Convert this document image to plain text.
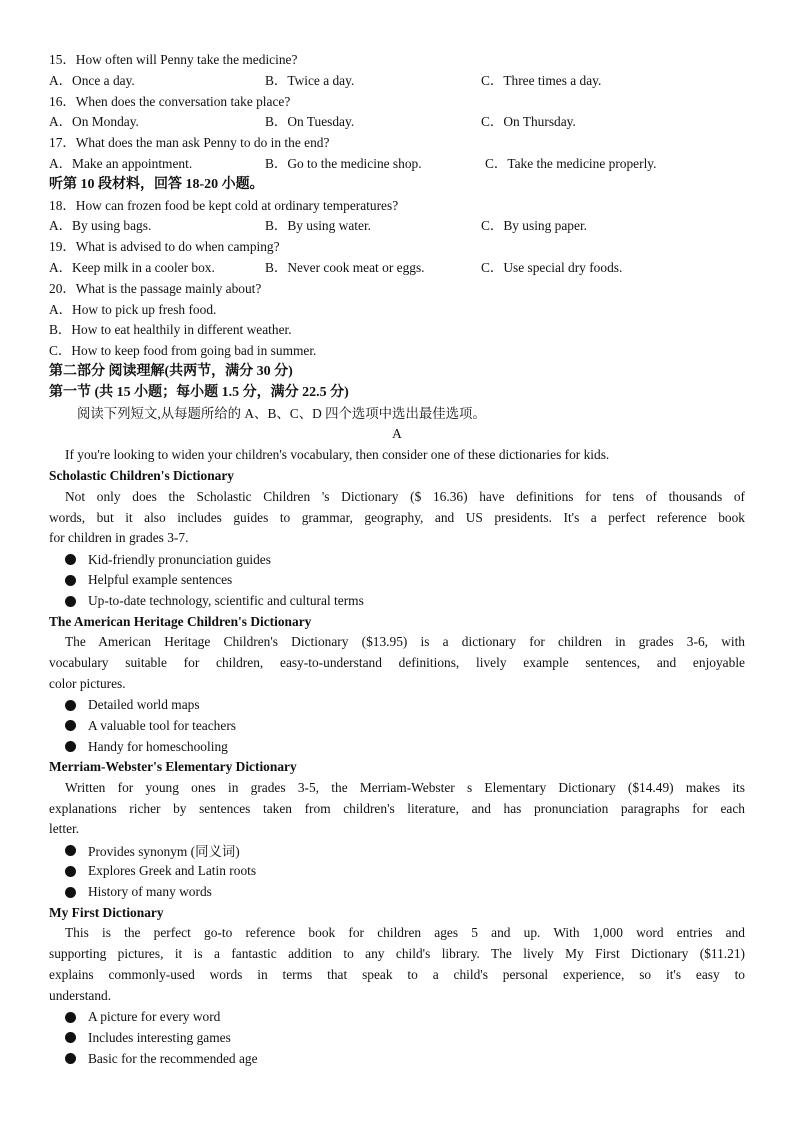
15．How often will Penny take the medicine?
A．Once a day.	B．Twice a day.	C．Three times a day.
16．When does the conversation take place?
A．On Monday.	B．On Tuesday.	C．On Thursday.
17．What does the man ask Penny to do in the end?
A．Make an appointment.	B．Go to the medicine shop.	C．Take the medicine properly.
听第 10 段材料，回答 18-20 小题。
18．How can frozen food be kept cold at ordinary temperatures?
A．By using bags.	B．By using water.	C．By using paper.
19．What is advised to do when camping?
A．Keep milk in a cooler box.	B．Never cook meat or eggs.	C．Use special dry foods.
20．What is the passage mainly about?
A．How to pick up fresh food.
B．How to eat healthily in different weather.
C．How to keep food from going bad in summer.
第二部分 阅读理解(共两节，满分 30 分)
第一节 (共 15 小题；每小题 1.5 分，满分 22.5 分)
阅读下列短文,从每题所给的 A、B、C、D 四个选项中选出最佳选项。
A
If you're looking to widen your children's vocabulary, then consider one of these dictionaries for kids.
Scholastic Children's Dictionary
Not only does the Scholastic Children 's Dictionary ($ 16.36) have definitions for tens of thousands of
words, but it also includes guides to grammar, geography, and US presidents. It's a perfect reference book
for children in grades 3-7.
Kid-friendly pronunciation guides
Helpful example sentences
Up-to-date technology, scientific and cultural terms
The American Heritage Children's Dictionary
The American Heritage Children's Dictionary ($13.95) is a dictionary for children in grades 3-6, with
vocabulary suitable for children, easy-to-understand definitions, lively example sentences, and enjoyable
color pictures.
Detailed world maps
A valuable tool for teachers
Handy for homeschooling
Merriam-Webster's Elementary Dictionary
Written for young ones in grades 3-5, the Merriam-Webster s Elementary Dictionary ($14.49) makes its
explanations richer by sentences taken from children's literature, and has pronunciation paragraphs for each
letter.
Provides synonym (同义词)
Explores Greek and Latin roots
History of many words
My First Dictionary
This is the perfect go-to reference book for children ages 5 and up. With 1,000 word entries and
supporting pictures, it is a fantastic addition to any child's library. The lively My First Dictionary ($11.21)
explains commonly-used words in terms that speak to a child's personal experience, so it's easy to
understand.
A picture for every word
Includes interesting games
Basic for the recommended age
